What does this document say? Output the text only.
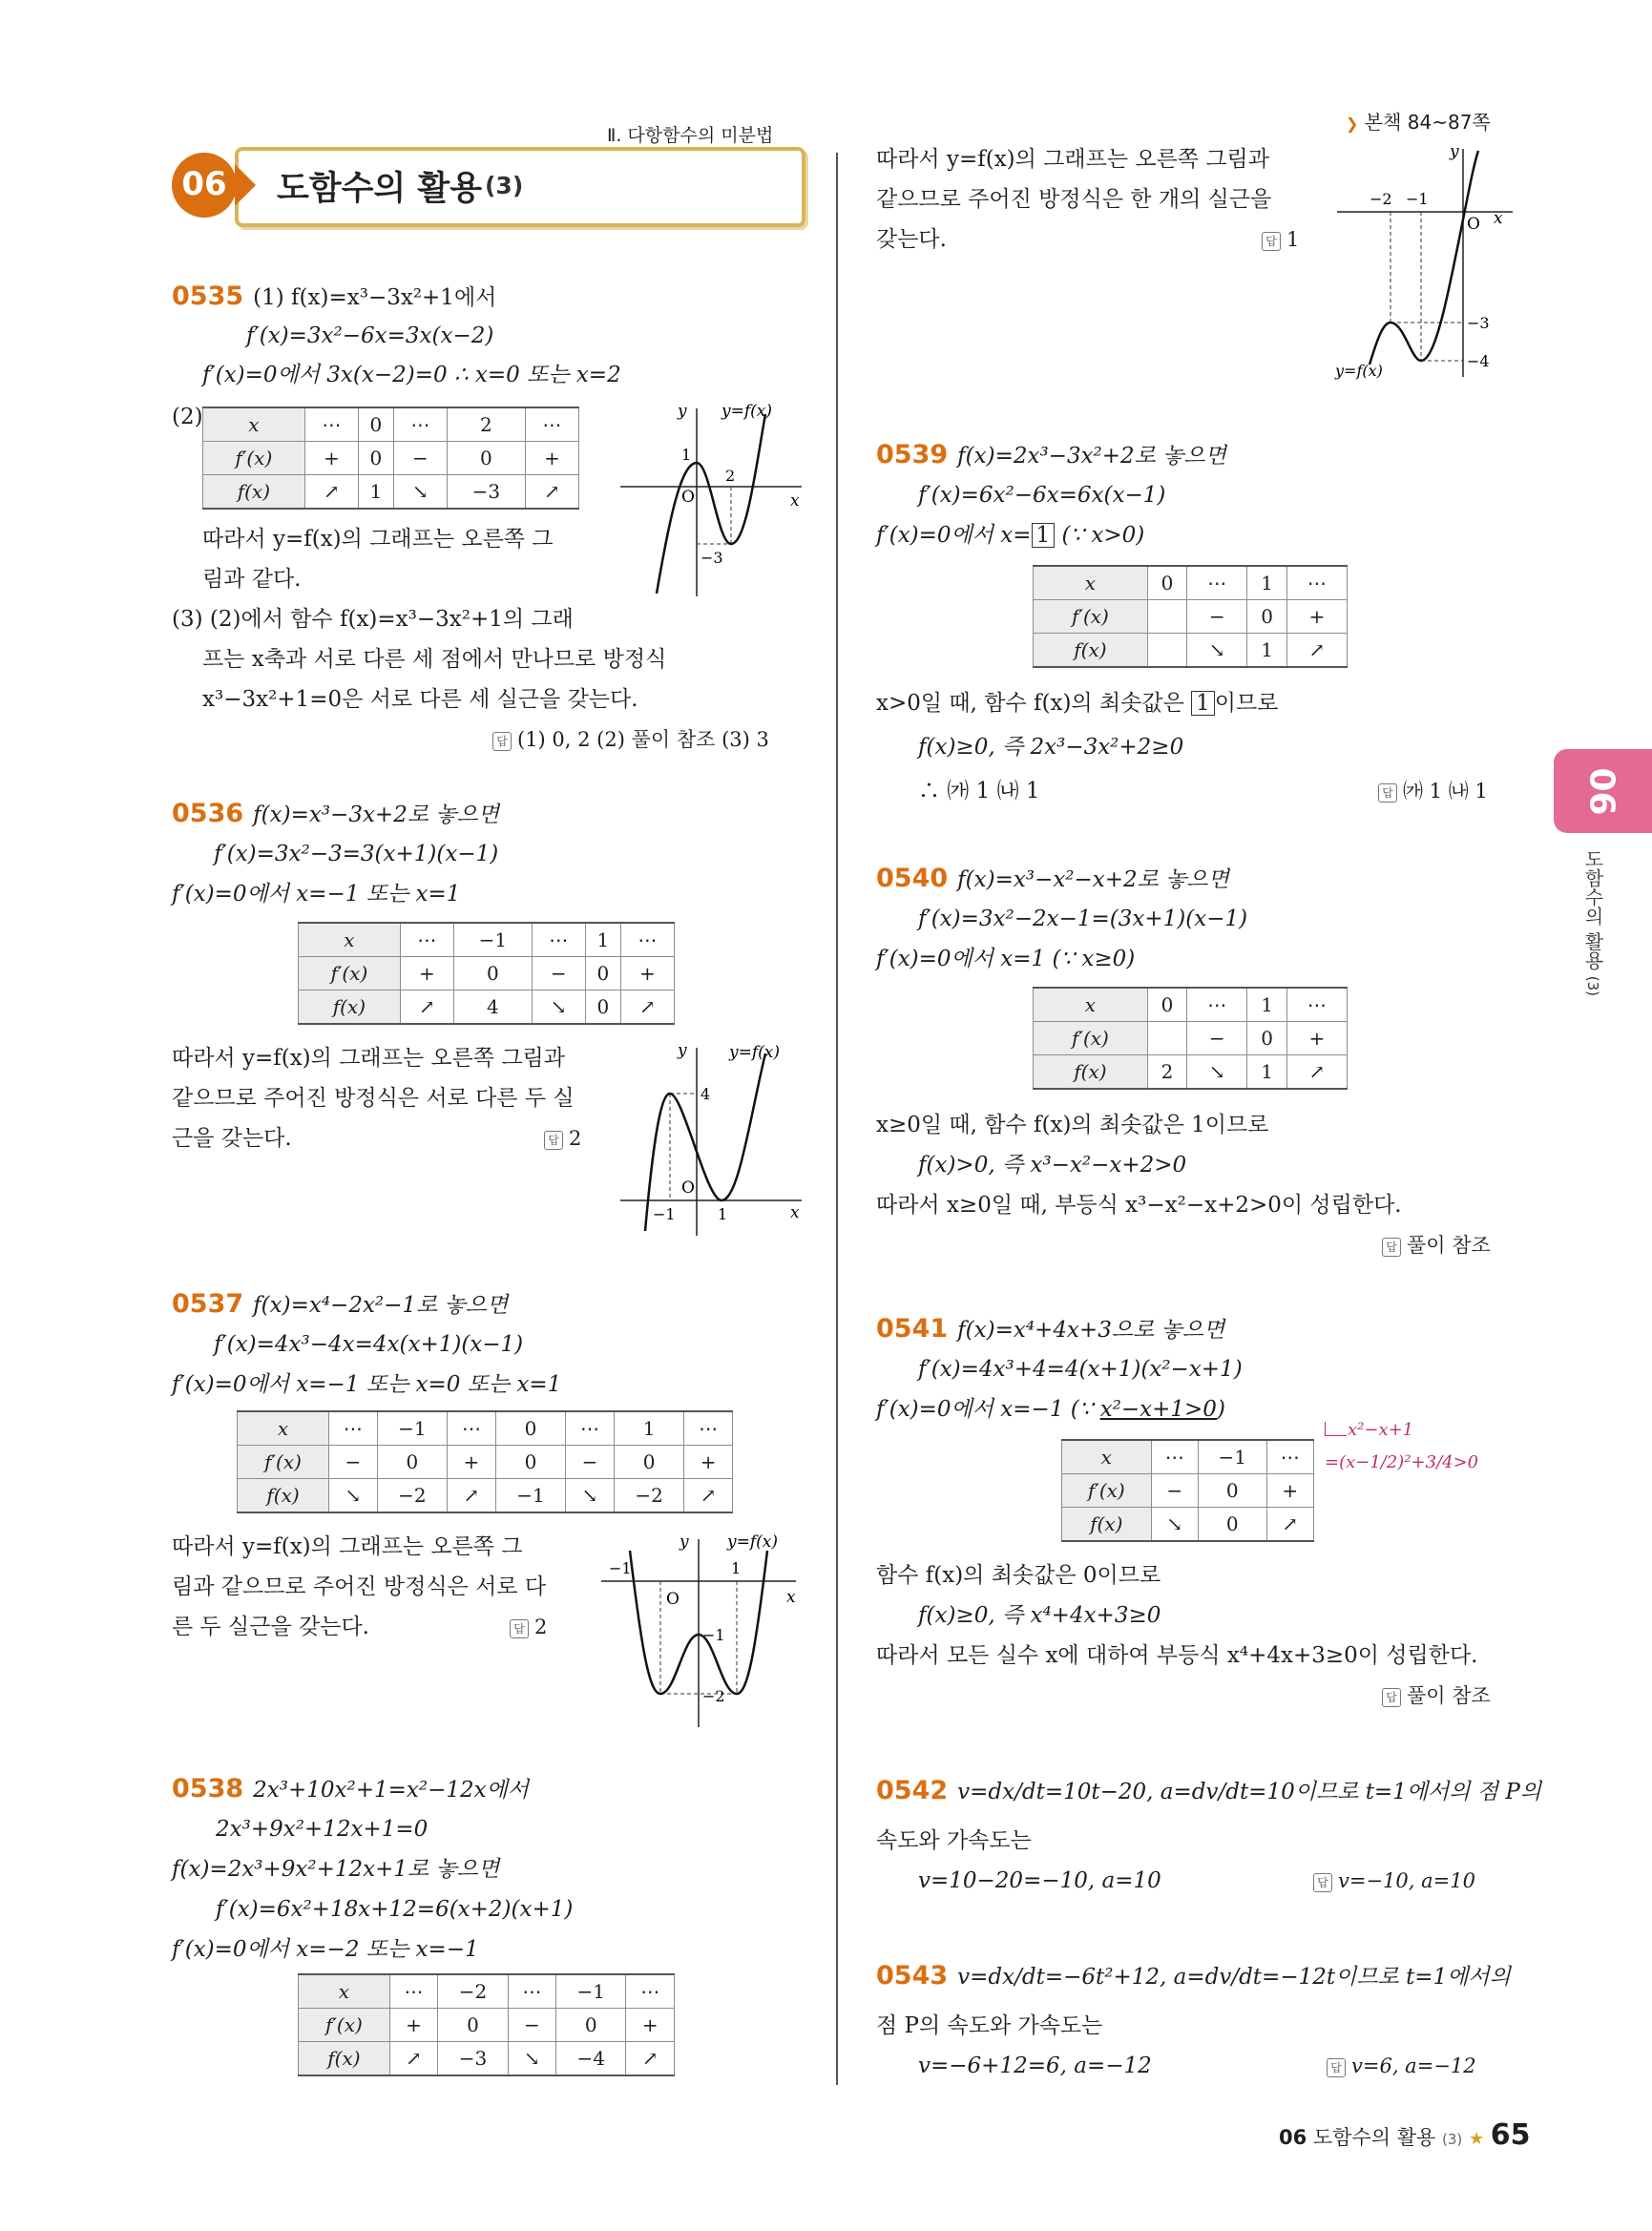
Ⅱ. 다항함수의 미분법
❯ 본책 84~87쪽
도함수의 활용 (3)
06
0535 (1) f(x)=x³−3x²+1에서
f′(x)=3x²−6x=3x(x−2)
f′(x)=0에서 3x(x−2)=0 ∴ x=0 또는 x=2
(2) x	⋯	0	⋯	2	⋯
f′(x)	+	0	−	0	+
f(x)	↗	1	↘	−3	↗
따라서 y=f(x)의 그래프는 오른쪽 그
림과 같다.
(3) (2)에서 함수 f(x)=x³−3x²+1의 그래
프는 x축과 서로 다른 세 점에서 만나므로 방정식
x³−3x²+1=0은 서로 다른 세 실근을 갖는다.
답 (1) 0, 2 (2) 풀이 참조 (3) 3
y y=f(x)
x
O
1
2
−3
0536 f(x)=x³−3x+2로 놓으면
f′(x)=3x²−3=3(x+1)(x−1)
f′(x)=0에서 x=−1 또는 x=1
x	⋯	−1	⋯	1	⋯
f′(x)	+	0	−	0	+
f(x)	↗	4	↘	0	↗
따라서 y=f(x)의 그래프는 오른쪽 그림과
같으므로 주어진 방정식은 서로 다른 두 실
근을 갖는다.	답 2
y	y=f(x)
x
O
4
−1	1
0537 f(x)=x⁴−2x²−1로 놓으면
f′(x)=4x³−4x=4x(x+1)(x−1)
f′(x)=0에서 x=−1 또는 x=0 또는 x=1
x	⋯	−1	⋯	0	⋯	1	⋯
f′(x)	−	0	+	0	−	0	+
f(x)	↘	−2	↗	−1	↘	−2	↗
따라서 y=f(x)의 그래프는 오른쪽 그
림과 같으므로 주어진 방정식은 서로 다
른 두 실근을 갖는다.	답 2
y y=f(x)
x
O
−1	1
−1
−2
0538 2x³+10x²+1=x²−12x에서
2x³+9x²+12x+1=0
f(x)=2x³+9x²+12x+1로 놓으면
f′(x)=6x²+18x+12=6(x+2)(x+1)
f′(x)=0에서 x=−2 또는 x=−1
x	⋯	−2	⋯	−1	⋯
f′(x)	+	0	−	0	+
f(x)	↗	−3	↘	−4	↗
따라서 y=f(x)의 그래프는 오른쪽 그림과
같으므로 주어진 방정식은 한 개의 실근을
갖는다.	답 1
y
x
O
−2 −1
−3
−4
y=f(x)
0539 f(x)=2x³−3x²+2로 놓으면
f′(x)=6x²−6x=6x(x−1)
f′(x)=0에서 x= 1 (∵ x>0)
x	0	⋯	1	⋯
f′(x)		−	0	+
f(x)		↘	1	↗
x>0일 때, 함수 f(x)의 최솟값은 1 이므로
f(x)≥0, 즉 2x³−3x²+2≥0
∴ ㈎ 1 ㈏ 1	답 ㈎ 1 ㈏ 1
0540 f(x)=x³−x²−x+2로 놓으면
f′(x)=3x²−2x−1=(3x+1)(x−1)
f′(x)=0에서 x=1 (∵ x≥0)
x	0	⋯	1	⋯
f′(x)		−	0	+
f(x)	2	↘	1	↗
x≥0일 때, 함수 f(x)의 최솟값은 1이므로
f(x)>0, 즉 x³−x²−x+2>0
따라서 x≥0일 때, 부등식 x³−x²−x+2>0이 성립한다.
답 풀이 참조
0541 f(x)=x⁴+4x+3으로 놓으면
f′(x)=4x³+4=4(x+1)(x²−x+1)
f′(x)=0에서 x=−1 (∵ x²−x+1>0)
x²−x+1
=(x−1/2)²+3/4>0
x	⋯	−1	⋯
f′(x)	−	0	+
f(x)	↘	0	↗
함수 f(x)의 최솟값은 0이므로
f(x)≥0, 즉 x⁴+4x+3≥0
따라서 모든 실수 x에 대하여 부등식 x⁴+4x+3≥0이 성립한다.
답 풀이 참조
0542 v=dx/dt=10t−20, a=dv/dt=10이므로 t=1에서의 점 P의
속도와 가속도는
v=10−20=−10, a=10	답 v=−10, a=10
0543 v=dx/dt=−6t²+12, a=dv/dt=−12t이므로 t=1에서의
점 P의 속도와 가속도는
v=−6+12=6, a=−12	답 v=6, a=−12
06
도함수의 활용 (3)
06 도함수의 활용 (3) ★ 65
